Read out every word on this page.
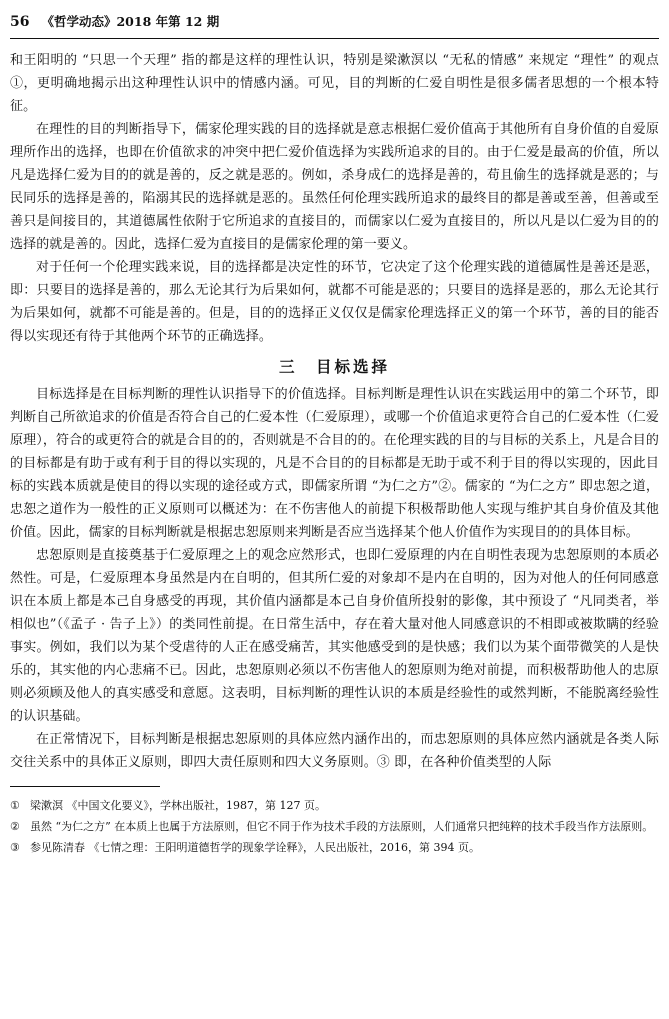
56 《哲学动态》2018 年第 12 期

和王阳明的 “只思一个天理” 指的都是这样的理性认识，特别是梁漱溟以 “无私的情感” 来规定 “理性” 的观点①，更明确地揭示出这种理性认识中的情感内涵。可见，目的判断的仁爱自明性是很多儒者思想的一个根本特征。

在理性的目的判断指导下，儒家伦理实践的目的选择就是意志根据仁爱价值高于其他所有自身价值的自爱原理所作出的选择，也即在价值欲求的冲突中把仁爱价值选择为实践所追求的目的。由于仁爱是最高的价值，所以凡是选择仁爱为目的的就是善的，反之就是恶的。例如，杀身成仁的选择是善的，苟且偷生的选择就是恶的；与民同乐的选择是善的，陷溺其民的选择就是恶的。虽然任何伦理实践所追求的最终目的都是善或至善，但善或至善只是间接目的，其道德属性依附于它所追求的直接目的，而儒家以仁爱为直接目的，所以凡是以仁爱为目的的选择的就是善的。因此，选择仁爱为直接目的是儒家伦理的第一要义。

对于任何一个伦理实践来说，目的选择都是决定性的环节，它决定了这个伦理实践的道德属性是善还是恶，即：只要目的选择是善的，那么无论其行为后果如何，就都不可能是恶的；只要目的选择是恶的，那么无论其行为后果如何，就都不可能是善的。但是，目的的选择正义仅仅是儒家伦理选择正义的第一个环节，善的目的能否得以实现还有待于其他两个环节的正确选择。

三　目标选择

目标选择是在目标判断的理性认识指导下的价值选择。目标判断是理性认识在实践运用中的第二个环节，即判断自己所欲追求的价值是否符合自己的仁爱本性（仁爱原理），或哪一个价值追求更符合自己的仁爱本性（仁爱原理），符合的或更符合的就是合目的的，否则就是不合目的的。在伦理实践的目的与目标的关系上，凡是合目的的目标都是有助于或有利于目的得以实现的，凡是不合目的的目标都是无助于或不利于目的得以实现的，因此目标的实践本质就是使目的得以实现的途径或方式，即儒家所谓 “为仁之方”②。儒家的 “为仁之方” 即忠恕之道，忠恕之道作为一般性的正义原则可以概述为：在不伤害他人的前提下积极帮助他人实现与维护其自身价值及其他价值。因此，儒家的目标判断就是根据忠恕原则来判断是否应当选择某个他人价值作为实现目的的具体目标。

忠恕原则是直接奠基于仁爱原理之上的观念应然形式，也即仁爱原理的内在自明性表现为忠恕原则的本质必然性。可是，仁爱原理本身虽然是内在自明的，但其所仁爱的对象却不是内在自明的，因为对他人的任何同感意识在本质上都是本己自身感受的再现，其价值内涵都是本己自身价值所投射的影像，其中预设了 “凡同类者，举相似也”（《孟子 · 告子上》）的类同性前提。在日常生活中，存在着大量对他人同感意识的不相即或被欺瞒的经验事实。例如，我们以为某个受虐待的人正在感受痛苦，其实他感受到的是快感；我们以为某个面带微笑的人是快乐的，其实他的内心悲痛不已。因此，忠恕原则必须以不伤害他人的恕原则为绝对前提，而积极帮助他人的忠原则必须顾及他人的真实感受和意愿。这表明，目标判断的理性认识的本质是经验性的或然判断，不能脱离经验性的认识基础。

在正常情况下，目标判断是根据忠恕原则的具体应然内涵作出的，而忠恕原则的具体应然内涵就是各类人际交往关系中的具体正义原则，即四大责任原则和四大义务原则。③ 即，在各种价值类型的人际

① 梁漱溟 《中国文化要义》，学林出版社，1987，第 127 页。
② 虽然 “为仁之方” 在本质上也属于方法原则，但它不同于作为技术手段的方法原则，人们通常只把纯粹的技术手段当作方法原则。
③ 参见陈清春 《七情之理：王阳明道德哲学的现象学诠释》，人民出版社，2016，第 394 页。
